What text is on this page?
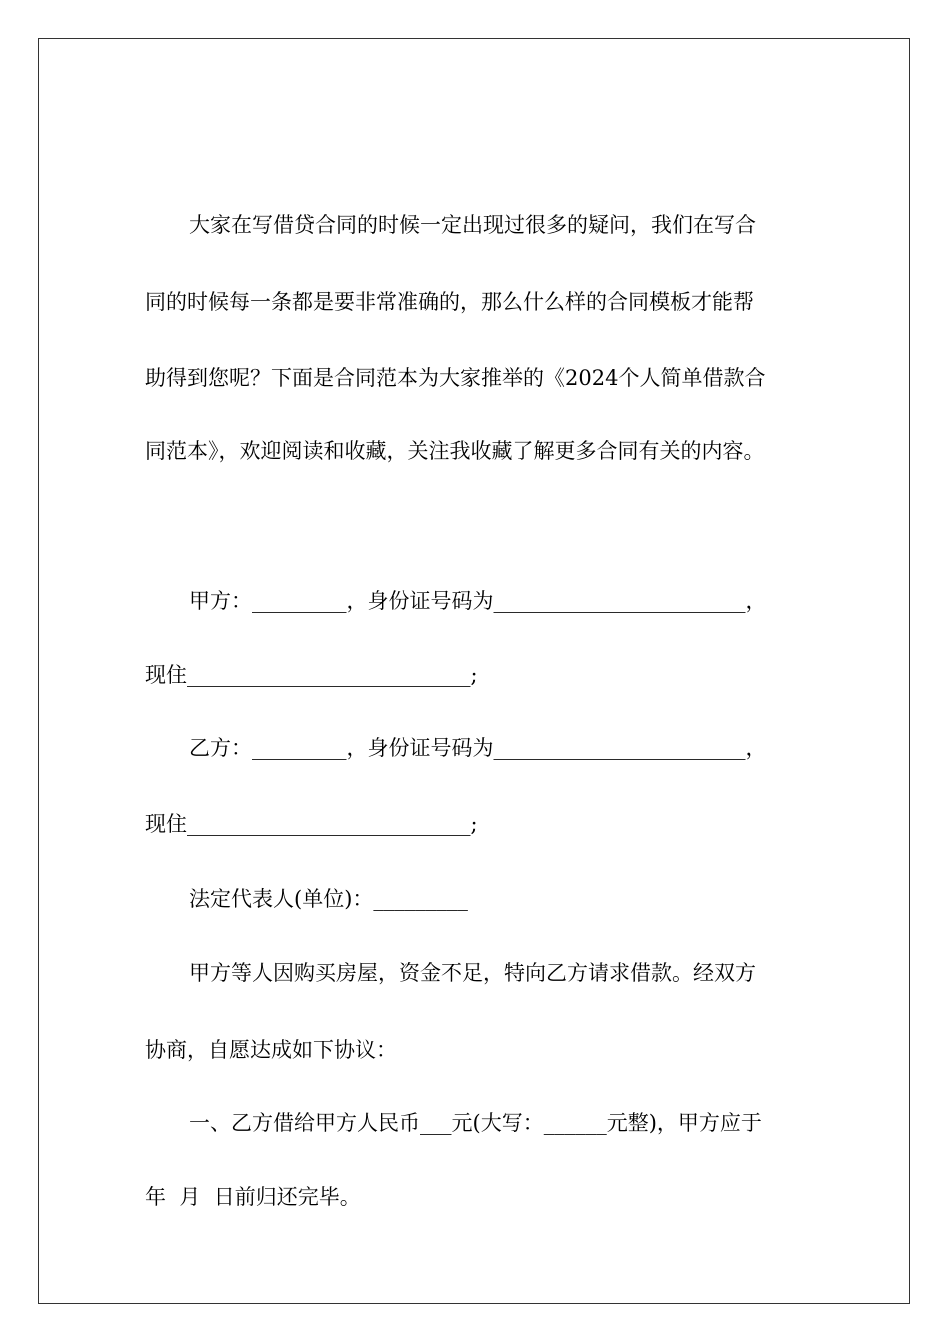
大家在写借贷合同的时候一定出现过很多的疑问，我们在写合
同的时候每一条都是要非常准确的，那么什么样的合同模板才能帮
助得到您呢？下面是合同范本为大家推举的《2024个人简单借款合
同范本》，欢迎阅读和收藏，关注我收藏了解更多合同有关的内容。
甲方：_________，身份证号码为________________________，
现住___________________________;
乙方：_________，身份证号码为________________________，
现住___________________________;
法定代表人(单位)：_________
甲方等人因购买房屋，资金不足，特向乙方请求借款。经双方
协商，自愿达成如下协议：
一、乙方借给甲方人民币___元(大写：______元整)，甲方应于
年  月  日前归还完毕。
